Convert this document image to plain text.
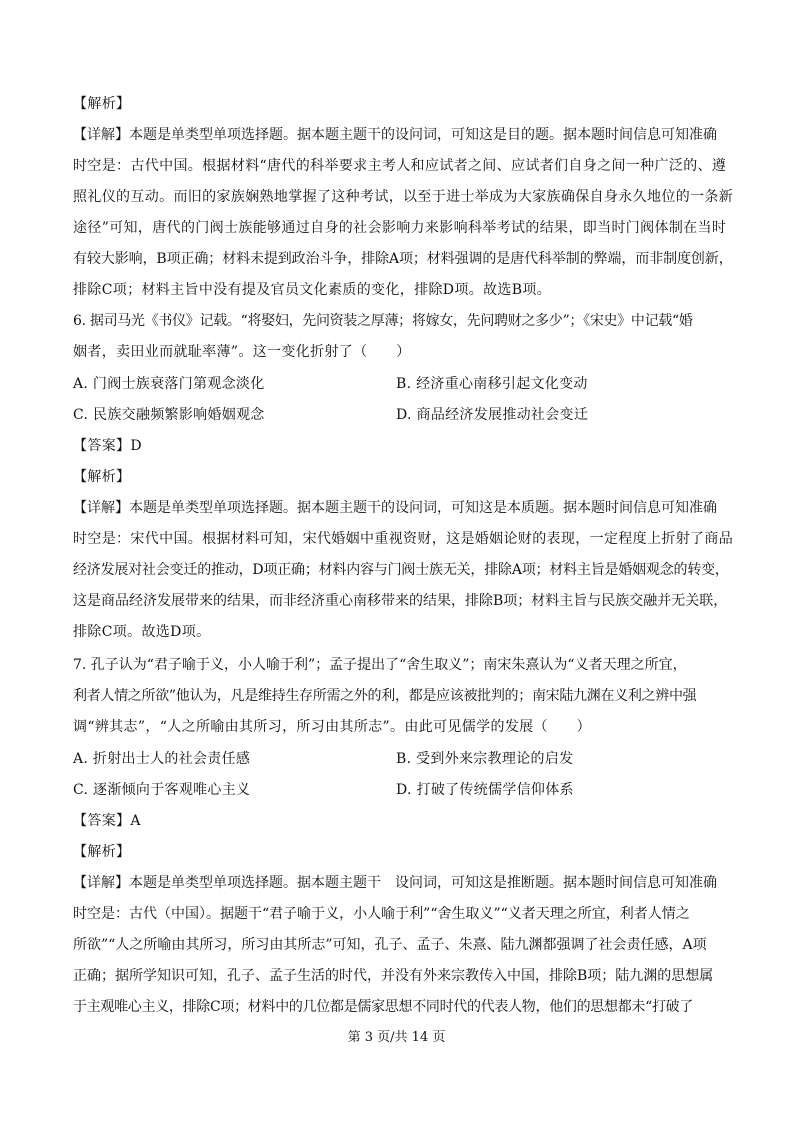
【解析】
【详解】本题是单类型单项选择题。据本题主题干的设问词，可知这是目的题。据本题时间信息可知准确
时空是：古代中国。根据材料“唐代的科举要求主考人和应试者之间、应试者们自身之间一种广泛的、遵
照礼仪的互动。而旧的家族娴熟地掌握了这种考试，以至于进士举成为大家族确保自身永久地位的一条新
途径”可知，唐代的门阀士族能够通过自身的社会影响力来影响科举考试的结果，即当时门阀体制在当时
有较大影响，B项正确；材料未提到政治斗争，排除A项；材料强调的是唐代科举制的弊端，而非制度创新，
排除C项；材料主旨中没有提及官员文化素质的变化，排除D项。故选B项。
6. 据司马光《书仪》记载。“将娶妇，先问资装之厚薄；将嫁女，先问聘财之多少”；《宋史》中记载“婚
姻者，卖田业而就耻率薄”。这一变化折射了（　　）
A. 门阀士族衰落门第观念淡化	B. 经济重心南移引起文化变动
C. 民族交融频繁影响婚姻观念	D. 商品经济发展推动社会变迁
【答案】D
【解析】
【详解】本题是单类型单项选择题。据本题主题干的设问词，可知这是本质题。据本题时间信息可知准确
时空是：宋代中国。根据材料可知，宋代婚姻中重视资财，这是婚姻论财的表现，一定程度上折射了商品
经济发展对社会变迁的推动，D项正确；材料内容与门阀士族无关，排除A项；材料主旨是婚姻观念的转变，
这是商品经济发展带来的结果，而非经济重心南移带来的结果，排除B项；材料主旨与民族交融并无关联，
排除C项。故选D项。
7. 孔子认为“君子喻于义，小人喻于利”；孟子提出了“舍生取义”；南宋朱熹认为“义者天理之所宜，
利者人情之所欲”他认为，凡是维持生存所需之外的利，都是应该被批判的；南宋陆九渊在义利之辨中强
调“辨其志”，“人之所喻由其所习，所习由其所志”。由此可见儒学的发展（　　）
A. 折射出士人的社会责任感	B. 受到外来宗教理论的启发
C. 逐渐倾向于客观唯心主义	D. 打破了传统儒学信仰体系
【答案】A
【解析】
【详解】本题是单类型单项选择题。据本题主题干　设问词，可知这是推断题。据本题时间信息可知准确
时空是：古代（中国）。据题干“君子喻于义，小人喻于利”“舍生取义”“义者天理之所宜，利者人情之
所欲”“人之所喻由其所习，所习由其所志”可知，孔子、孟子、朱熹、陆九渊都强调了社会责任感，A项
正确；据所学知识可知，孔子、孟子生活的时代，并没有外来宗教传入中国，排除B项；陆九渊的思想属
于主观唯心主义，排除C项；材料中的几位都是儒家思想不同时代的代表人物，他们的思想都未“打破了
第 3 页/共 14 页
